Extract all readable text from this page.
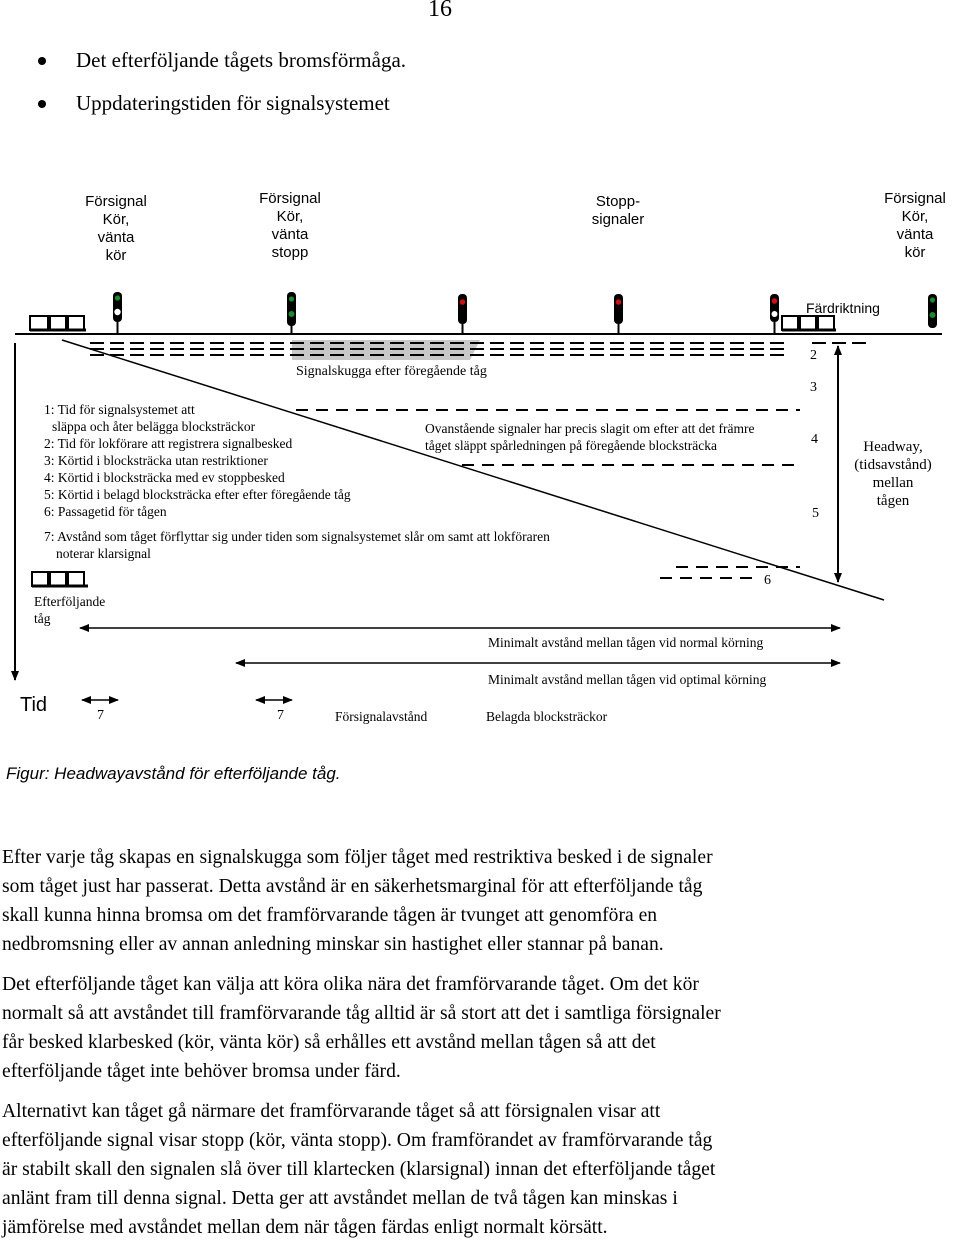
16
Det efterföljande tågets bromsförmåga.
Uppdateringstiden för signalsystemet
Försignal
Kör,
vänta
kör
Försignal
Kör,
vänta
stopp
Stopp-
signaler
Försignal
Kör,
vänta
kör
Färdriktning
Signalskugga efter föregående tåg
1: Tid för signalsystemet att
släppa och åter belägga blocksträckor
2: Tid för lokförare att registrera signalbesked
3: Körtid i blocksträcka utan restriktioner
4: Körtid i blocksträcka med ev stoppbesked
5: Körtid i belagd blocksträcka efter efter föregående tåg
6: Passagetid för tågen
7: Avstånd som tåget förflyttar sig under tiden som signalsystemet slår om samt att lokföraren
noterar klarsignal
Ovanstående signaler har precis slagit om efter att det främre
tåget släppt spårledningen på föregående blocksträcka
2
3
4
5
6
Headway,
(tidsavstånd)
mellan
tågen
Efterföljande
tåg
Minimalt avstånd mellan tågen vid normal körning
Minimalt avstånd mellan tågen vid optimal körning
Tid	7	7	Försignalavstånd	Belagda blocksträckor
Figur: Headwayavstånd för efterföljande tåg.
Efter varje tåg skapas en signalskugga som följer tåget med restriktiva besked i de signaler
som tåget just har passerat. Detta avstånd är en säkerhetsmarginal för att efterföljande tåg
skall kunna hinna bromsa om det framförvarande tågen är tvunget att genomföra en
nedbromsning eller av annan anledning minskar sin hastighet eller stannar på banan.
Det efterföljande tåget kan välja att köra olika nära det framförvarande tåget. Om det kör
normalt så att avståndet till framförvarande tåg alltid är så stort att det i samtliga försignaler
får besked klarbesked (kör, vänta kör) så erhålles ett avstånd mellan tågen så att det
efterföljande tåget inte behöver bromsa under färd.
Alternativt kan tåget gå närmare det framförvarande tåget så att försignalen visar att
efterföljande signal visar stopp (kör, vänta stopp). Om framförandet av framförvarande tåg
är stabilt skall den signalen slå över till klartecken (klarsignal) innan det efterföljande tåget
anlänt fram till denna signal. Detta ger att avståndet mellan de två tågen kan minskas i
jämförelse med avståndet mellan dem när tågen färdas enligt normalt körsätt.
